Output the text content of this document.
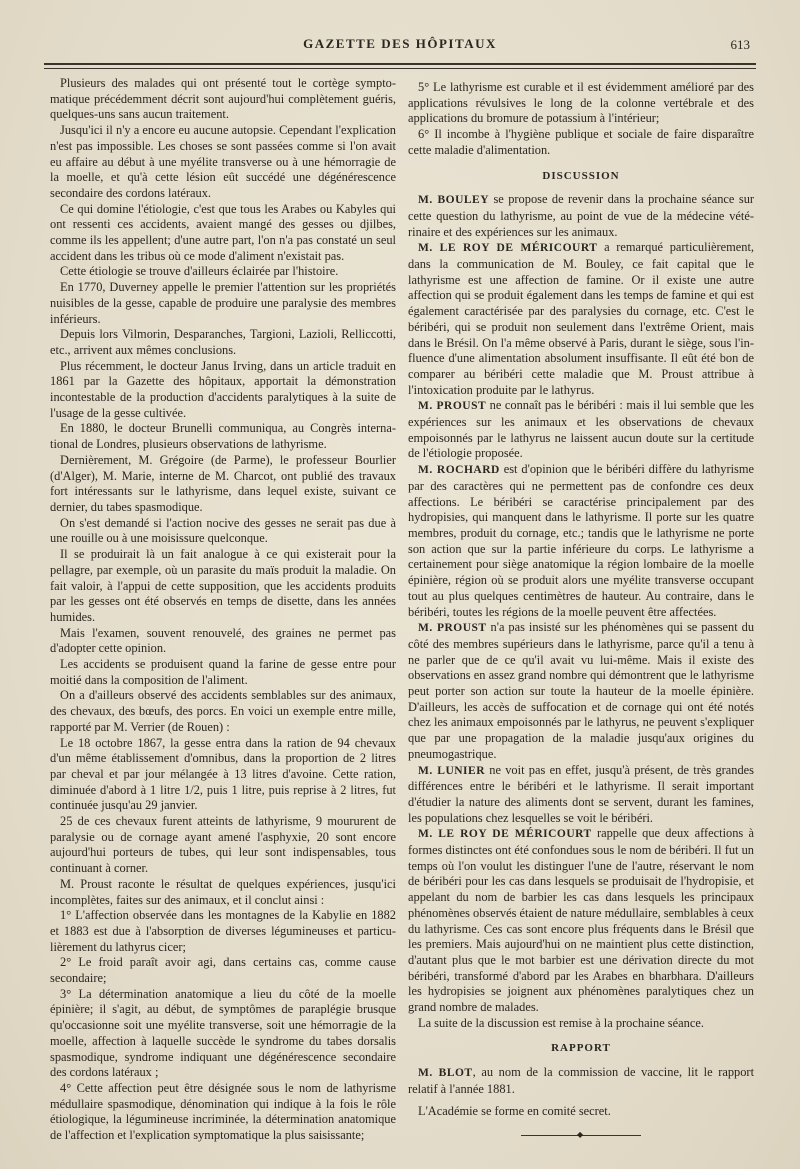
GAZETTE DES HÔPITAUX	613

Plusieurs des malades qui ont présenté tout le cortège symptomatique précédemment décrit sont aujourd'hui complètement guéris, quelques-uns sans aucun traitement.

Jusqu'ici il n'y a encore eu aucune autopsie. Cependant l'explication n'est pas impossible. Les choses se sont passées comme si l'on avait eu affaire au début à une myélite transverse ou à une hémorragie de la moelle, et qu'à cette lésion eût succédé une dégénérescence secondaire des cordons latéraux.

Ce qui domine l'étiologie, c'est que tous les Arabes ou Kabyles qui ont ressenti ces accidents, avaient mangé des gesses ou djilbes, comme ils les appellent; d'une autre part, l'on n'a pas constaté un seul accident dans les tribus où ce mode d'aliment n'existait pas.

Cette étiologie se trouve d'ailleurs éclairée par l'histoire.

En 1770, Duverney appelle le premier l'attention sur les propriétés nuisibles de la gesse, capable de produire une paralysie des membres inférieurs.

Depuis lors Vilmorin, Desparanches, Targioni, Lazioli, Relliccotti, etc., arrivent aux mêmes conclusions.

Plus récemment, le docteur Janus Irving, dans un article traduit en 1861 par la Gazette des hôpitaux, apportait la démonstration incontestable de la production d'accidents paralytiques à la suite de l'usage de la gesse cultivée.

En 1880, le docteur Brunelli communiqua, au Congrès international de Londres, plusieurs observations de lathyrisme.

Dernièrement, M. Grégoire (de Parme), le professeur Bourlier (d'Alger), M. Marie, interne de M. Charcot, ont publié des travaux fort intéressants sur le lathyrisme, dans lequel existe, suivant ce dernier, du tabes spasmodique.

On s'est demandé si l'action nocive des gesses ne serait pas due à une rouille ou à une moisissure quelconque.

Il se produirait là un fait analogue à ce qui existerait pour la pellagre, par exemple, où un parasite du maïs produit la maladie. On fait valoir, à l'appui de cette supposition, que les accidents produits par les gesses ont été observés en temps de disette, dans les années humides.

Mais l'examen, souvent renouvelé, des graines ne permet pas d'adopter cette opinion.

Les accidents se produisent quand la farine de gesse entre pour moitié dans la composition de l'aliment.

On a d'ailleurs observé des accidents semblables sur des animaux, des chevaux, des bœufs, des porcs. En voici un exemple entre mille, rapporté par M. Verrier (de Rouen) :

Le 18 octobre 1867, la gesse entra dans la ration de 94 chevaux d'un même établissement d'omnibus, dans la proportion de 2 litres par cheval et par jour mélangée à 13 litres d'avoine. Cette ration, diminuée d'abord à 1 litre 1/2, puis 1 litre, puis reprise à 2 litres, fut continuée jusqu'au 29 janvier.

25 de ces chevaux furent atteints de lathyrisme, 9 moururent de paralysie ou de cornage ayant amené l'asphyxie, 20 sont encore aujourd'hui porteurs de tubes, qui leur sont indispensables, tous continuant à corner.

M. Proust raconte le résultat de quelques expériences, jusqu'ici incomplètes, faites sur des animaux, et il conclut ainsi :

1° L'affection observée dans les montagnes de la Kabylie en 1882 et 1883 est due à l'absorption de diverses légumineuses et particulièrement du lathyrus cicer;

2° Le froid paraît avoir agi, dans certains cas, comme cause secondaire;

3° La détermination anatomique a lieu du côté de la moelle épinière; il s'agit, au début, de symptômes de paraplégie brusque qu'occasionne soit une myélite transverse, soit une hémorragie de la moelle, affection à laquelle succède le syndrome du tabes dorsalis spasmodique, syndrome indiquant une dégénérescence secondaire des cordons latéraux ;

4° Cette affection peut être désignée sous le nom de lathyrisme médullaire spasmodique, dénomination qui indique à la fois le rôle étiologique, la légumineuse incriminée, la détermination anatomique de l'affection et l'explication symptomatique la plus saisissante;

5° Le lathyrisme est curable et il est évidemment amélioré par des applications révulsives le long de la colonne vertébrale et des applications du bromure de potassium à l'intérieur;

6° Il incombe à l'hygiène publique et sociale de faire disparaître cette maladie d'alimentation.

DISCUSSION

M. BOULEY se propose de revenir dans la prochaine séance sur cette question du lathyrisme, au point de vue de la médecine vétérinaire et des expériences sur les animaux.

M. LE ROY DE MÉRICOURT a remarqué particulièrement, dans la communication de M. Bouley, ce fait capital que le lathyrisme est une affection de famine. Or il existe une autre affection qui se produit également dans les temps de famine et qui est également caractérisée par des paralysies du cornage, etc. C'est le béribéri, qui se produit non seulement dans l'extrême Orient, mais dans le Brésil. On l'a même observé à Paris, durant le siège, sous l'influence d'une alimentation absolument insuffisante. Il eût été bon de comparer au béribéri cette maladie que M. Proust attribue à l'intoxication produite par le lathyrus.

M. PROUST ne connaît pas le béribéri : mais il lui semble que les expériences sur les animaux et les observations de chevaux empoisonnés par le lathyrus ne laissent aucun doute sur la certitude de l'étiologie proposée.

M. ROCHARD est d'opinion que le béribéri diffère du lathyrisme par des caractères qui ne permettent pas de confondre ces deux affections. Le béribéri se caractérise principalement par des hydropisies, qui manquent dans le lathyrisme. Il porte sur les quatre membres, produit du cornage, etc.; tandis que le lathyrisme ne porte son action que sur la partie inférieure du corps. Le lathyrisme a certainement pour siège anatomique la région lombaire de la moelle épinière, région où se produit alors une myélite transverse occupant tout au plus quelques centimètres de hauteur. Au contraire, dans le béribéri, toutes les régions de la moelle peuvent être affectées.

M. PROUST n'a pas insisté sur les phénomènes qui se passent du côté des membres supérieurs dans le lathyrisme, parce qu'il a tenu à ne parler que de ce qu'il avait vu lui-même. Mais il existe des observations en assez grand nombre qui démontrent que le lathyrisme peut porter son action sur toute la hauteur de la moelle épinière. D'ailleurs, les accès de suffocation et de cornage qui ont été notés chez les animaux empoisonnés par le lathyrus, ne peuvent s'expliquer que par une propagation de la maladie jusqu'aux origines du pneumogastrique.

M. LUNIER ne voit pas en effet, jusqu'à présent, de très grandes différences entre le béribéri et le lathyrisme. Il serait important d'étudier la nature des aliments dont se servent, durant les famines, les populations chez lesquelles se voit le béribéri.

M. LE ROY DE MÉRICOURT rappelle que deux affections à formes distinctes ont été confondues sous le nom de béribéri. Il fut un temps où l'on voulut les distinguer l'une de l'autre, réservant le nom de béribéri pour les cas dans lesquels se produisait de l'hydropisie, et appelant du nom de barbier les cas dans lesquels les principaux phénomènes observés étaient de nature médullaire, semblables à ceux du lathyrisme. Ces cas sont encore plus fréquents dans le Brésil que les premiers. Mais aujourd'hui on ne maintient plus cette distinction, d'autant plus que le mot barbier est une dérivation directe du mot béribéri, transformé d'abord par les Arabes en bharbhara. D'ailleurs les hydropisies se joignent aux phénomènes paralytiques chez un grand nombre de malades.

La suite de la discussion est remise à la prochaine séance.

RAPPORT

M. BLOT, au nom de la commission de vaccine, lit le rapport relatif à l'année 1881.

L'Académie se forme en comité secret.

◆
